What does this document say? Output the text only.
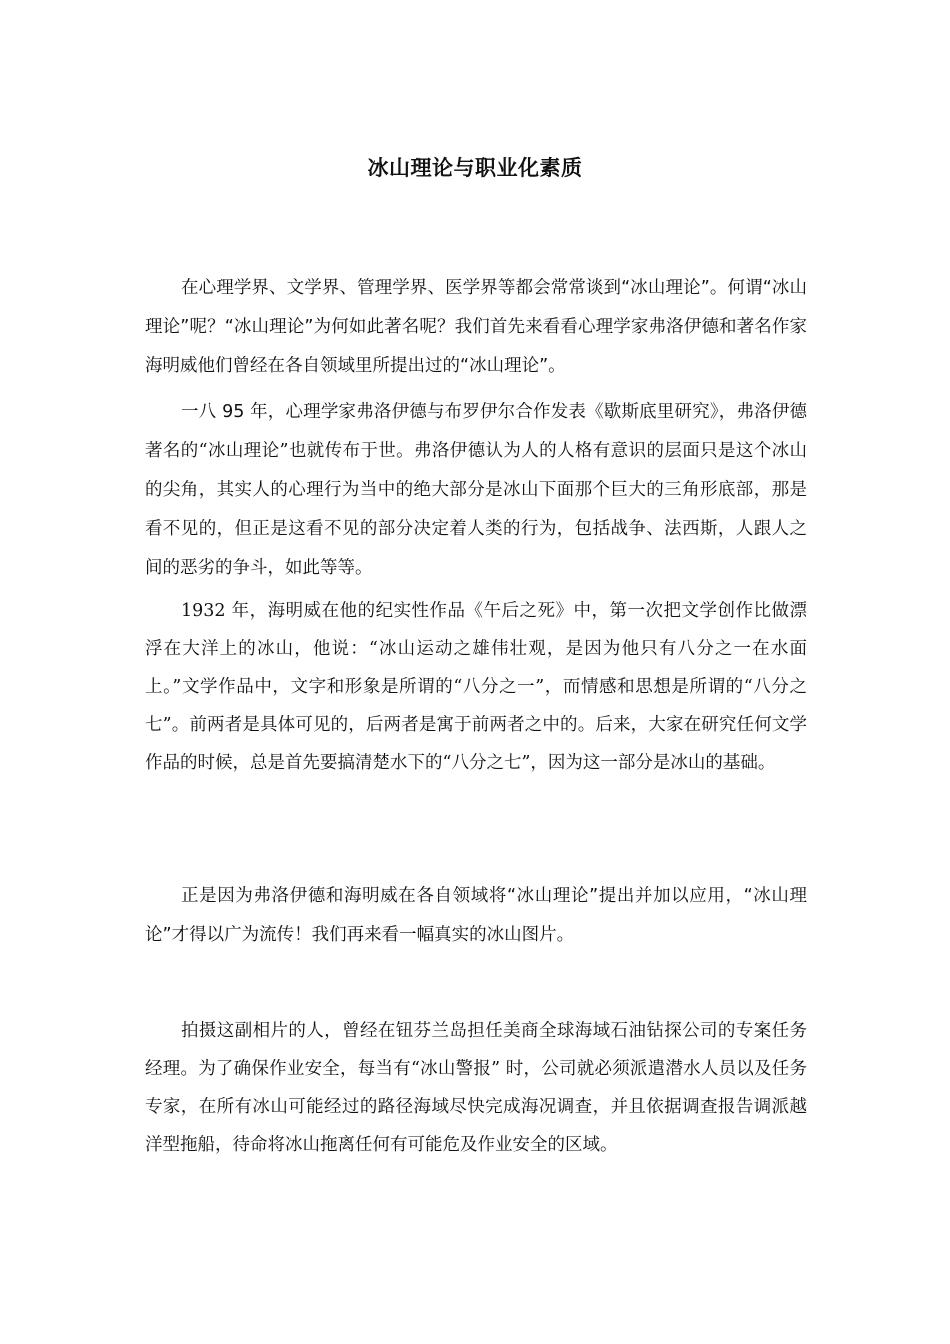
冰山理论与职业化素质

在心理学界、文学界、管理学界、医学界等都会常常谈到“冰山理论”。何谓“冰山理论”呢？“冰山理论”为何如此著名呢？我们首先来看看心理学家弗洛伊德和著名作家海明威他们曾经在各自领域里所提出过的“冰山理论”。

一八 95 年，心理学家弗洛伊德与布罗伊尔合作发表《歇斯底里研究》，弗洛伊德著名的“冰山理论”也就传布于世。弗洛伊德认为人的人格有意识的层面只是这个冰山的尖角，其实人的心理行为当中的绝大部分是冰山下面那个巨大的三角形底部，那是看不见的，但正是这看不见的部分决定着人类的行为，包括战争、法西斯，人跟人之间的恶劣的争斗，如此等等。

1932 年，海明威在他的纪实性作品《午后之死》中，第一次把文学创作比做漂浮在大洋上的冰山，他说：“冰山运动之雄伟壮观，是因为他只有八分之一在水面上。”文学作品中，文字和形象是所谓的“八分之一”，而情感和思想是所谓的“八分之七”。前两者是具体可见的，后两者是寓于前两者之中的。后来，大家在研究任何文学作品的时候，总是首先要搞清楚水下的“八分之七”，因为这一部分是冰山的基础。

正是因为弗洛伊德和海明威在各自领域将“冰山理论”提出并加以应用，“冰山理论”才得以广为流传！我们再来看一幅真实的冰山图片。

拍摄这副相片的人，曾经在钮芬兰岛担任美商全球海域石油钻探公司的专案任务经理。为了确保作业安全，每当有“冰山警报” 时，公司就必须派遣潜水人员以及任务专家，在所有冰山可能经过的路径海域尽快完成海况调查，并且依据调查报告调派越洋型拖船，待命将冰山拖离任何有可能危及作业安全的区域。
